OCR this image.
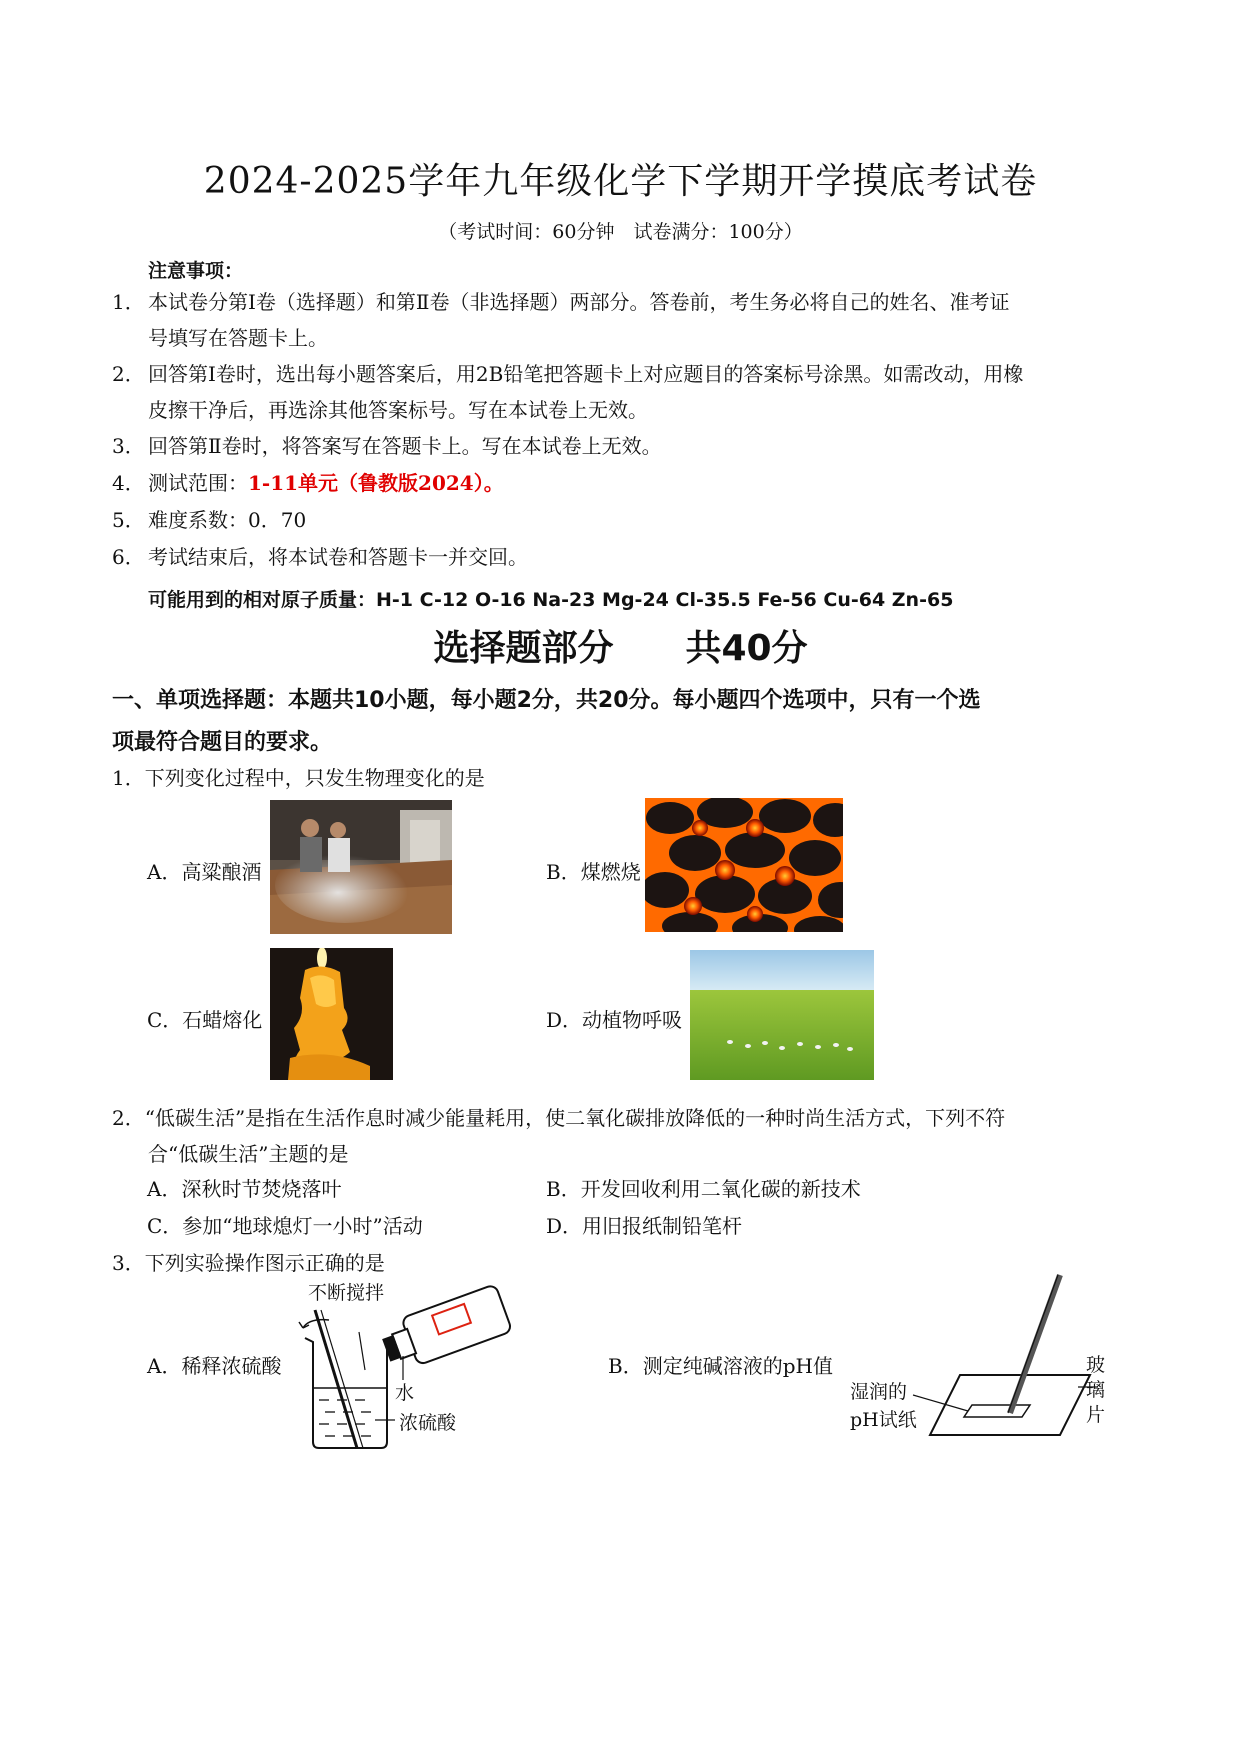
2024-2025学年九年级化学下学期开学摸底考试卷
（考试时间：60分钟　试卷满分：100分）
注意事项：
1． 本试卷分第Ⅰ卷（选择题）和第Ⅱ卷（非选择题）两部分。答卷前，考生务必将自己的姓名、准考证
号填写在答题卡上。
2． 回答第Ⅰ卷时，选出每小题答案后，用2B铅笔把答题卡上对应题目的答案标号涂黑。如需改动，用橡
皮擦干净后，再选涂其他答案标号。写在本试卷上无效。
3． 回答第Ⅱ卷时，将答案写在答题卡上。写在本试卷上无效。
4． 测试范围：1-11单元（鲁教版2024）。
5． 难度系数：0．70
6． 考试结束后，将本试卷和答题卡一并交回。
可能用到的相对原子质量：H-1 C-12 O-16 Na-23 Mg-24 Cl-35.5 Fe-56 Cu-64 Zn-65
选择题部分　　共40分
一、单项选择题：本题共10小题，每小题2分，共20分。每小题四个选项中，只有一个选
项最符合题目的要求。
1．下列变化过程中，只发生物理变化的是
A．高粱酿酒	B．煤燃烧
C．石蜡熔化	D．动植物呼吸
2．“低碳生活”是指在生活作息时减少能量耗用，使二氧化碳排放降低的一种时尚生活方式，下列不符
合“低碳生活”主题的是
A．深秋时节焚烧落叶	B．开发回收利用二氧化碳的新技术
C．参加“地球熄灯一小时”活动	D．用旧报纸制铅笔杆
3．下列实验操作图示正确的是
A．稀释浓硫酸
不断搅拌
水
浓硫酸
B．测定纯碱溶液的pH值
湿润的
pH试纸
玻
璃
片
